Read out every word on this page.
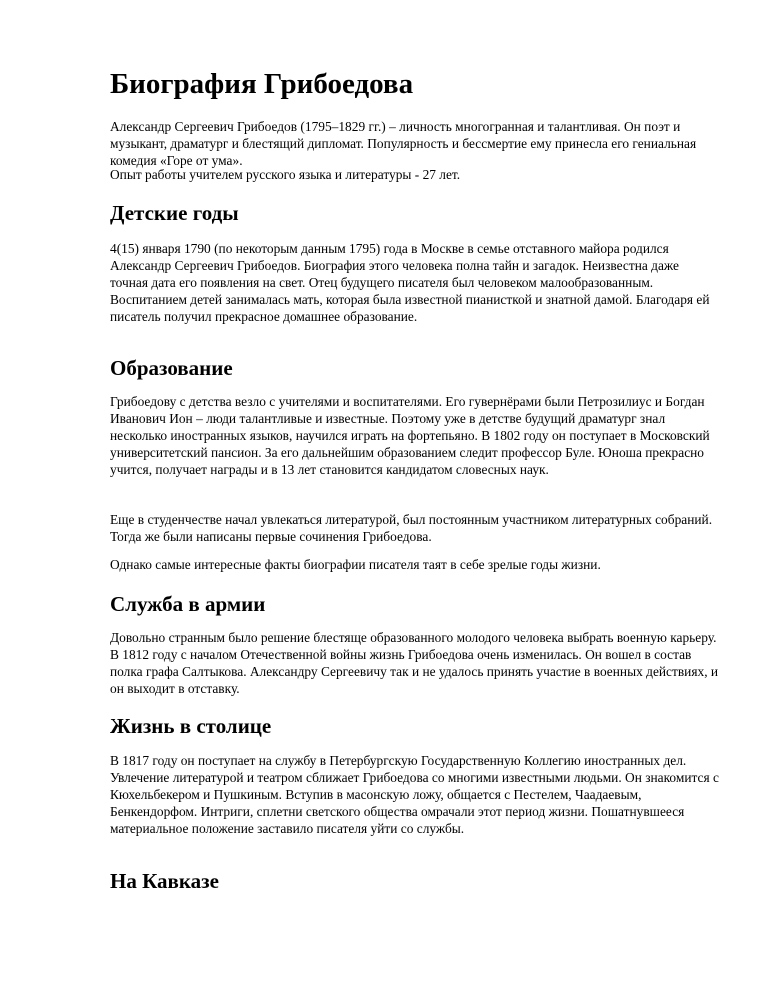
Биография Грибоедова

Александр Сергеевич Грибоедов (1795–1829 гг.) – личность многогранная и талантливая. Он поэт и музыкант, драматург и блестящий дипломат. Популярность и бессмертие ему принесла его гениальная комедия «Горе от ума».

Опыт работы учителем русского языка и литературы - 27 лет.

Детские годы

4(15) января 1790 (по некоторым данным 1795) года в Москве в семье отставного майора родился Александр Сергеевич Грибоедов. Биография этого человека полна тайн и загадок. Неизвестна даже точная дата его появления на свет. Отец будущего писателя был человеком малообразованным. Воспитанием детей занималась мать, которая была известной пианисткой и знатной дамой. Благодаря ей писатель получил прекрасное домашнее образование.

Образование

Грибоедову с детства везло с учителями и воспитателями. Его гувернёрами были Петрозилиус и Богдан Иванович Ион – люди талантливые и известные. Поэтому уже в детстве будущий драматург знал несколько иностранных языков, научился играть на фортепьяно. В 1802 году он поступает в Московский университетский пансион. За его дальнейшим образованием следит профессор Буле. Юноша прекрасно учится, получает награды и в 13 лет становится кандидатом словесных наук.

Еще в студенчестве начал увлекаться литературой, был постоянным участником литературных собраний. Тогда же были написаны первые сочинения Грибоедова.

Однако самые интересные факты биографии писателя таят в себе зрелые годы жизни.

Служба в армии

Довольно странным было решение блестяще образованного молодого человека выбрать военную карьеру. В 1812 году с началом Отечественной войны жизнь Грибоедова очень изменилась. Он вошел в состав полка графа Салтыкова. Александру Сергеевичу так и не удалось принять участие в военных действиях, и он выходит в отставку.

Жизнь в столице

В 1817 году он поступает на службу в Петербургскую Государственную Коллегию иностранных дел. Увлечение литературой и театром сближает Грибоедова со многими известными людьми. Он знакомится с Кюхельбекером и Пушкиным. Вступив в масонскую ложу, общается с Пестелем, Чаадаевым, Бенкендорфом. Интриги, сплетни светского общества омрачали этот период жизни. Пошатнувшееся материальное положение заставило писателя уйти со службы.

На Кавказе
